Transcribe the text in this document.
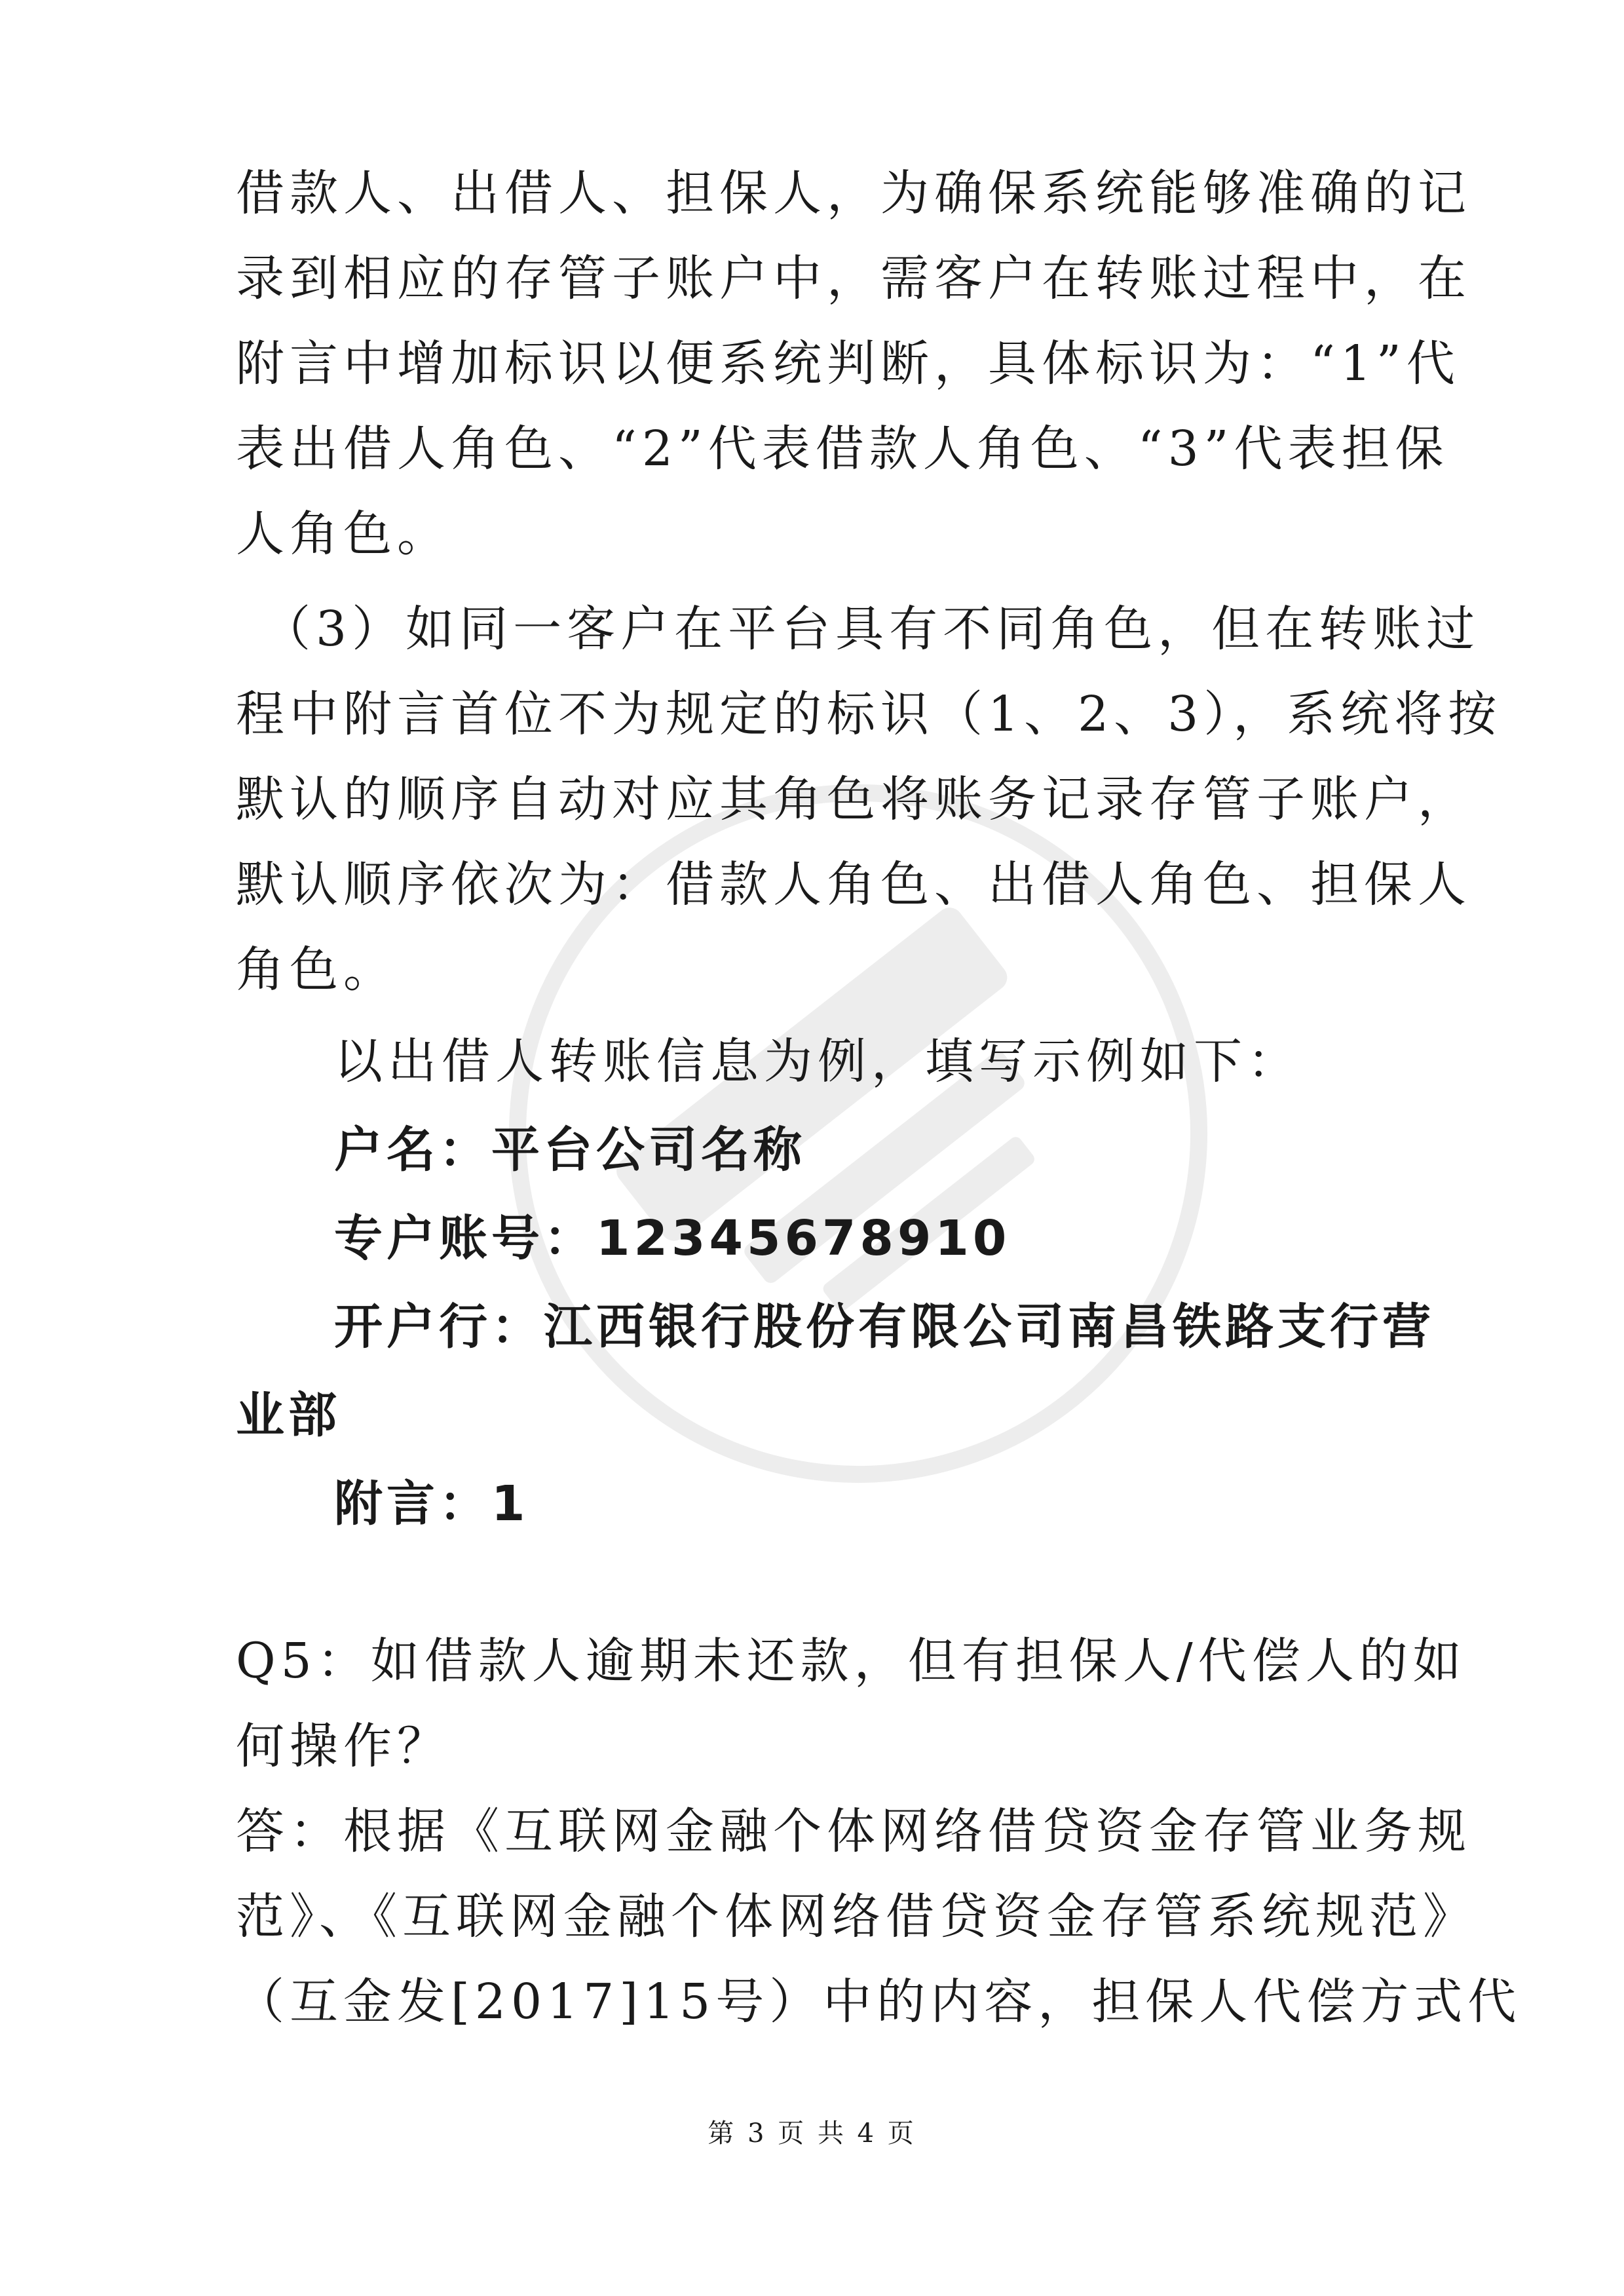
借款人、出借人、担保人，为确保系统能够准确的记
录到相应的存管子账户中，需客户在转账过程中，在
附言中增加标识以便系统判断，具体标识为：“1”代
表出借人角色、“2”代表借款人角色、“3”代表担保
人角色。
（3）如同一客户在平台具有不同角色，但在转账过
程中附言首位不为规定的标识（1、2、3），系统将按
默认的顺序自动对应其角色将账务记录存管子账户，
默认顺序依次为：借款人角色、出借人角色、担保人
角色。
以出借人转账信息为例，填写示例如下：
户名：平台公司名称
专户账号：12345678910
开户行：江西银行股份有限公司南昌铁路支行营
业部
附言：1
Q5：如借款人逾期未还款，但有担保人/代偿人的如
何操作？
答：根据《互联网金融个体网络借贷资金存管业务规
范》、《互联网金融个体网络借贷资金存管系统规范》
（互金发[2017]15号）中的内容，担保人代偿方式代
第 3 页 共 4 页
